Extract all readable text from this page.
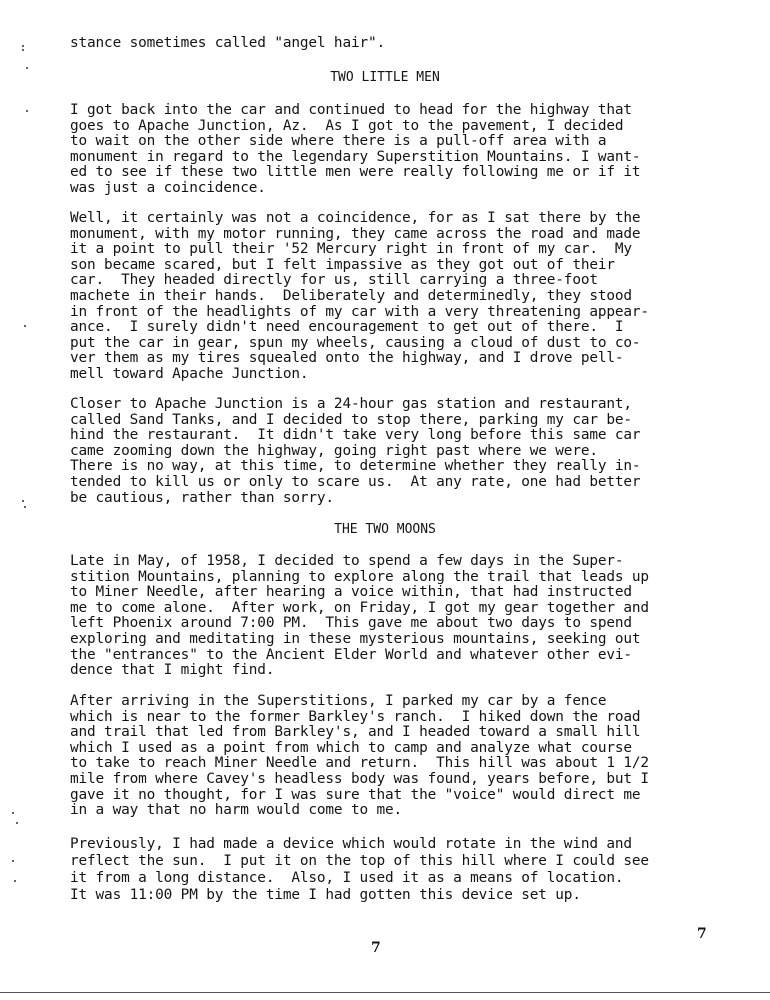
stance sometimes called "angel hair".

TWO LITTLE MEN

I got back into the car and continued to head for the highway that
goes to Apache Junction, Az.  As I got to the pavement, I decided
to wait on the other side where there is a pull-off area with a
monument in regard to the legendary Superstition Mountains. I want-
ed to see if these two little men were really following me or if it
was just a coincidence.

Well, it certainly was not a coincidence, for as I sat there by the
monument, with my motor running, they came across the road and made
it a point to pull their '52 Mercury right in front of my car.  My
son became scared, but I felt impassive as they got out of their
car.  They headed directly for us, still carrying a three-foot
machete in their hands.  Deliberately and determinedly, they stood
in front of the headlights of my car with a very threatening appear-
ance.  I surely didn't need encouragement to get out of there.  I
put the car in gear, spun my wheels, causing a cloud of dust to co-
ver them as my tires squealed onto the highway, and I drove pell-
mell toward Apache Junction.

Closer to Apache Junction is a 24-hour gas station and restaurant,
called Sand Tanks, and I decided to stop there, parking my car be-
hind the restaurant.  It didn't take very long before this same car
came zooming down the highway, going right past where we were.
There is no way, at this time, to determine whether they really in-
tended to kill us or only to scare us.  At any rate, one had better
be cautious, rather than sorry.

THE TWO MOONS

Late in May, of 1958, I decided to spend a few days in the Super-
stition Mountains, planning to explore along the trail that leads up
to Miner Needle, after hearing a voice within, that had instructed
me to come alone.  After work, on Friday, I got my gear together and
left Phoenix around 7:00 PM.  This gave me about two days to spend
exploring and meditating in these mysterious mountains, seeking out
the "entrances" to the Ancient Elder World and whatever other evi-
dence that I might find.

After arriving in the Superstitions, I parked my car by a fence
which is near to the former Barkley's ranch.  I hiked down the road
and trail that led from Barkley's, and I headed toward a small hill
which I used as a point from which to camp and analyze what course
to take to reach Miner Needle and return.  This hill was about 1 1/2
mile from where Cavey's headless body was found, years before, but I
gave it no thought, for I was sure that the "voice" would direct me
in a way that no harm would come to me.

Previously, I had made a device which would rotate in the wind and
reflect the sun.  I put it on the top of this hill where I could see
it from a long distance.  Also, I used it as a means of location.
It was 11:00 PM by the time I had gotten this device set up.

7
7
